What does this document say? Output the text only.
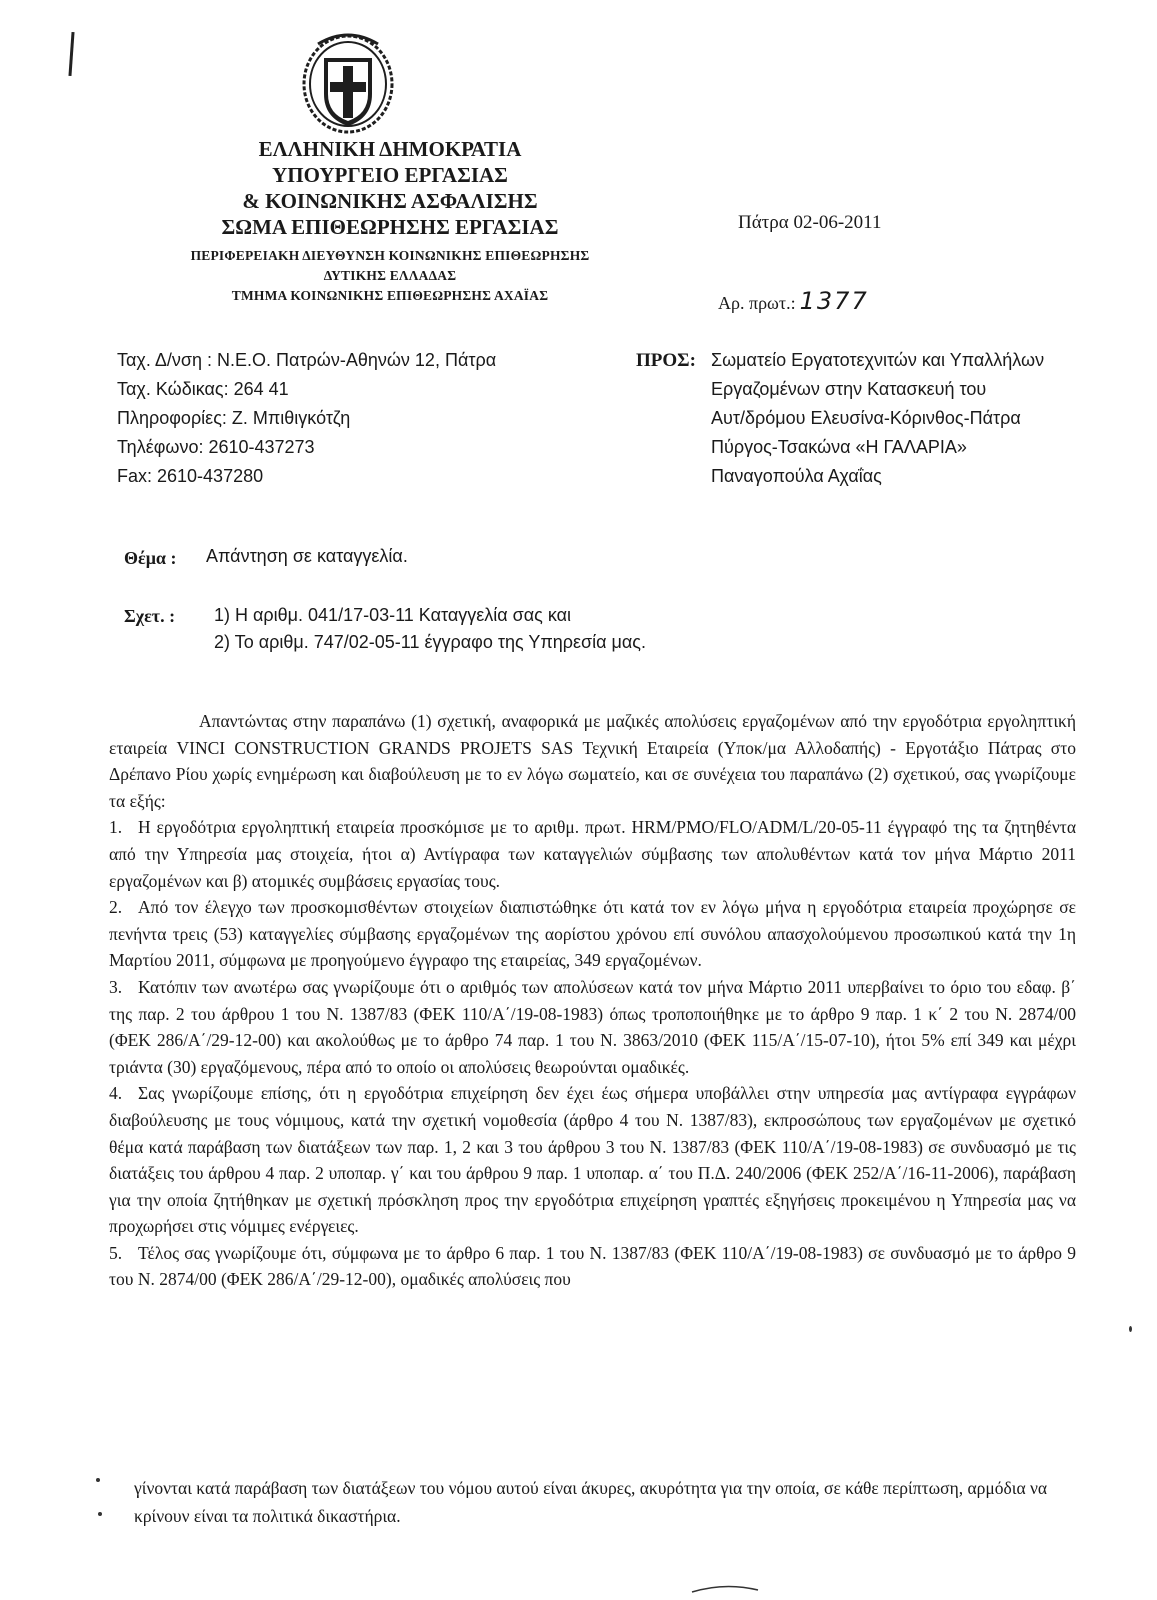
ΕΛΛΗΝΙΚΗ ΔΗΜΟΚΡΑΤΙΑ
ΥΠΟΥΡΓΕΙΟ ΕΡΓΑΣΙΑΣ
& ΚΟΙΝΩΝΙΚΗΣ ΑΣΦΑΛΙΣΗΣ
ΣΩΜΑ ΕΠΙΘΕΩΡΗΣΗΣ ΕΡΓΑΣΙΑΣ
ΠΕΡΙΦΕΡΕΙΑΚΗ ΔΙΕΥΘΥΝΣΗ ΚΟΙΝΩΝΙΚΗΣ ΕΠΙΘΕΩΡΗΣΗΣ
ΔΥΤΙΚΗΣ ΕΛΛΑΔΑΣ
ΤΜΗΜΑ ΚΟΙΝΩΝΙΚΗΣ ΕΠΙΘΕΩΡΗΣΗΣ ΑΧΑΪΑΣ
Πάτρα 02-06-2011
Αρ. πρωτ.: 1377
Ταχ. Δ/νση : Ν.Ε.Ο. Πατρών-Αθηνών 12, Πάτρα
Ταχ. Κώδικας: 264 41
Πληροφορίες: Ζ. Μπιθιγκότζη
Τηλέφωνο: 2610-437273
Fax: 2610-437280
ΠΡΟΣ: Σωματείο Εργατοτεχνιτών και Υπαλλήλων
Εργαζομένων στην Κατασκευή του
Αυτ/δρόμου Ελευσίνα-Κόρινθος-Πάτρα
Πύργος-Τσακώνα «Η ΓΑΛΑΡΙΑ»
Παναγοπούλα Αχαΐας
Θέμα : Απάντηση σε καταγγελία.
Σχετ. : 1) Η αριθμ. 041/17-03-11 Καταγγελία σας και
2) Το αριθμ. 747/02-05-11 έγγραφο της Υπηρεσία μας.

Απαντώντας στην παραπάνω (1) σχετική, αναφορικά με μαζικές απολύσεις εργαζομένων από την εργοδότρια εργοληπτική εταιρεία VINCI CONSTRUCTION GRANDS PROJETS SAS Τεχνική Εταιρεία (Υποκ/μα Αλλοδαπής) - Εργοτάξιο Πάτρας στο Δρέπανο Ρίου χωρίς ενημέρωση και διαβούλευση με το εν λόγω σωματείο, και σε συνέχεια του παραπάνω (2) σχετικού, σας γνωρίζουμε τα εξής:

1. Η εργοδότρια εργοληπτική εταιρεία προσκόμισε με το αριθμ. πρωτ. HRM/PMO/FLO/ADM/L/20-05-11 έγγραφό της τα ζητηθέντα από την Υπηρεσία μας στοιχεία, ήτοι α) Αντίγραφα των καταγγελιών σύμβασης των απολυθέντων κατά τον μήνα Μάρτιο 2011 εργαζομένων και β) ατομικές συμβάσεις εργασίας τους.

2. Από τον έλεγχο των προσκομισθέντων στοιχείων διαπιστώθηκε ότι κατά τον εν λόγω μήνα η εργοδότρια εταιρεία προχώρησε σε πενήντα τρεις (53) καταγγελίες σύμβασης εργαζομένων της αορίστου χρόνου επί συνόλου απασχολούμενου προσωπικού κατά την 1η Μαρτίου 2011, σύμφωνα με προηγούμενο έγγραφο της εταιρείας, 349 εργαζομένων.

3. Κατόπιν των ανωτέρω σας γνωρίζουμε ότι ο αριθμός των απολύσεων κατά τον μήνα Μάρτιο 2011 υπερβαίνει το όριο του εδαφ. β΄ της παρ. 2 του άρθρου 1 του Ν. 1387/83 (ΦΕΚ 110/Α΄/19-08-1983) όπως τροποποιήθηκε με το άρθρο 9 παρ. 1 κ΄ 2 του Ν. 2874/00 (ΦΕΚ 286/Α΄/29-12-00) και ακολούθως με το άρθρο 74 παρ. 1 του Ν. 3863/2010 (ΦΕΚ 115/Α΄/15-07-10), ήτοι 5% επί 349 και μέχρι τριάντα (30) εργαζόμενους, πέρα από το οποίο οι απολύσεις θεωρούνται ομαδικές.

4. Σας γνωρίζουμε επίσης, ότι η εργοδότρια επιχείρηση δεν έχει έως σήμερα υποβάλλει στην υπηρεσία μας αντίγραφα εγγράφων διαβούλευσης με τους νόμιμους, κατά την σχετική νομοθεσία (άρθρο 4 του Ν. 1387/83), εκπροσώπους των εργαζομένων με σχετικό θέμα κατά παράβαση των διατάξεων των παρ. 1, 2 και 3 του άρθρου 3 του Ν. 1387/83 (ΦΕΚ 110/Α΄/19-08-1983) σε συνδυασμό με τις διατάξεις του άρθρου 4 παρ. 2 υποπαρ. γ΄ και του άρθρου 9 παρ. 1 υποπαρ. α΄ του Π.Δ. 240/2006 (ΦΕΚ 252/Α΄/16-11-2006), παράβαση για την οποία ζητήθηκαν με σχετική πρόσκληση προς την εργοδότρια επιχείρηση γραπτές εξηγήσεις προκειμένου η Υπηρεσία μας να προχωρήσει στις νόμιμες ενέργειες.

5. Τέλος σας γνωρίζουμε ότι, σύμφωνα με το άρθρο 6 παρ. 1 του Ν. 1387/83 (ΦΕΚ 110/Α΄/19-08-1983) σε συνδυασμό με το άρθρο 9 του Ν. 2874/00 (ΦΕΚ 286/Α΄/29-12-00), ομαδικές απολύσεις που

γίνονται κατά παράβαση των διατάξεων του νόμου αυτού είναι άκυρες, ακυρότητα για την οποία, σε κάθε περίπτωση, αρμόδια να κρίνουν είναι τα πολιτικά δικαστήρια.
